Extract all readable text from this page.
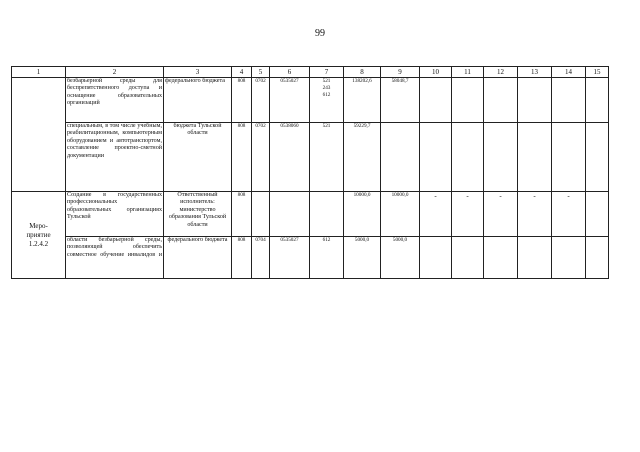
99
1	2	3	4	5	6	7	8	9	10	11	12	13	14	15
	безбарьерной среды для беспрепятственного доступа и оснащение образовательных организаций	федерального бюджета	808	0702	0535027	521
243
612	138202,6	58048,7						
	специальным, в том числе учебным, реабилитационным, компьютерным оборудованием и автотранспортом, составление проектно-сметной документации	бюджета Тульской области	808	0702	0538060	521	59229,7							

Меро-
приятие
1.2.4.2	Создание в государственных профессиональных образовательных организациях Тульской	Ответственный исполнитель: министерство образования Тульской области	808				10000,0	10000,0	-	-	-	-	-	
	области безбарьерной среды, позволяющей обеспечить совместное обучение инвалидов и	федерального бюджета	808	0704	0535027	612	5000,0	5000,0						
